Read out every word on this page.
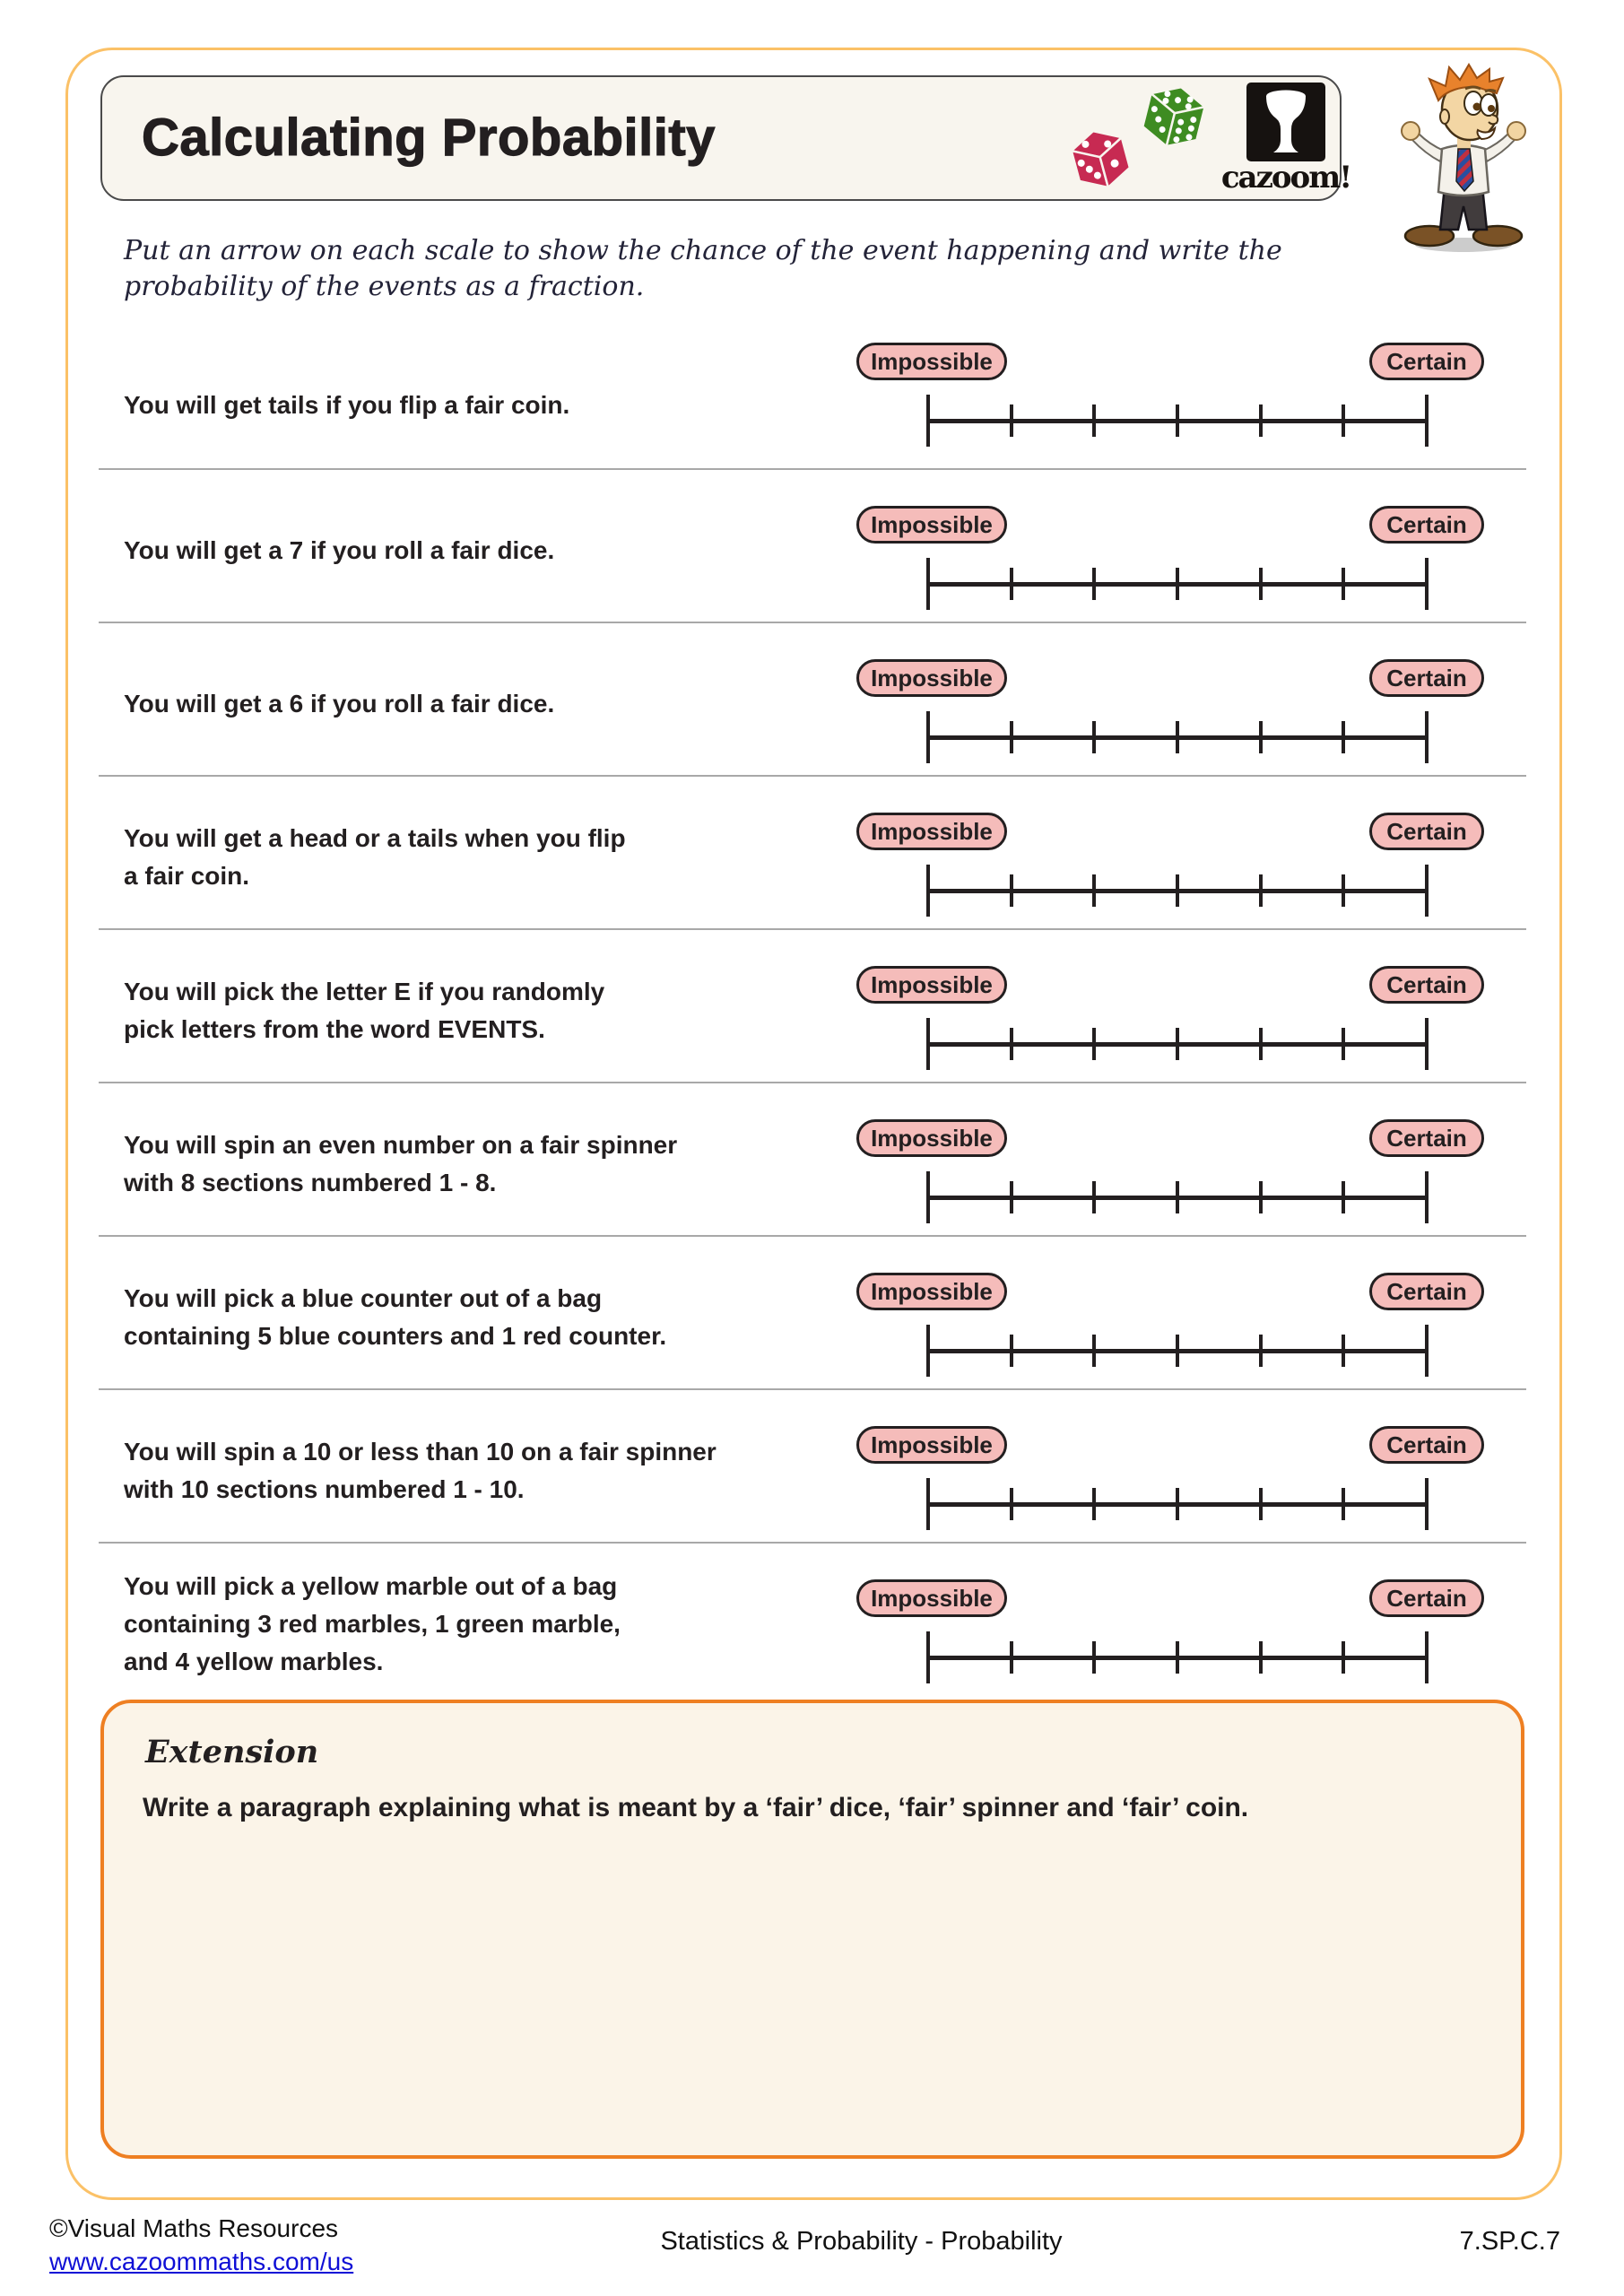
Calculating Probability
cazoom!
Put an arrow on each scale to show the chance of the event happening and write the
probability of the events as a fraction.
You will get tails if you flip a fair coin.
Impossible	Certain
You will get a 7 if you roll a fair dice.
Impossible	Certain
You will get a 6 if you roll a fair dice.
Impossible	Certain
You will get a head or a tails when you flip
a fair coin.
Impossible	Certain
You will pick the letter E if you randomly
pick letters from the word EVENTS.
Impossible	Certain
You will spin an even number on a fair spinner
with 8 sections numbered 1 - 8.
Impossible	Certain
You will pick a blue counter out of a bag
containing 5 blue counters and 1 red counter.
Impossible	Certain
You will spin a 10 or less than 10 on a fair spinner
with 10 sections numbered 1 - 10.
Impossible	Certain
You will pick a yellow marble out of a bag
containing 3 red marbles, 1 green marble,
and 4 yellow marbles.
Impossible	Certain
Extension
Write a paragraph explaining what is meant by a ‘fair’ dice, ‘fair’ spinner and ‘fair’ coin.
©Visual Maths Resources
www.cazoommaths.com/us
Statistics & Probability - Probability	7.SP.C.7
